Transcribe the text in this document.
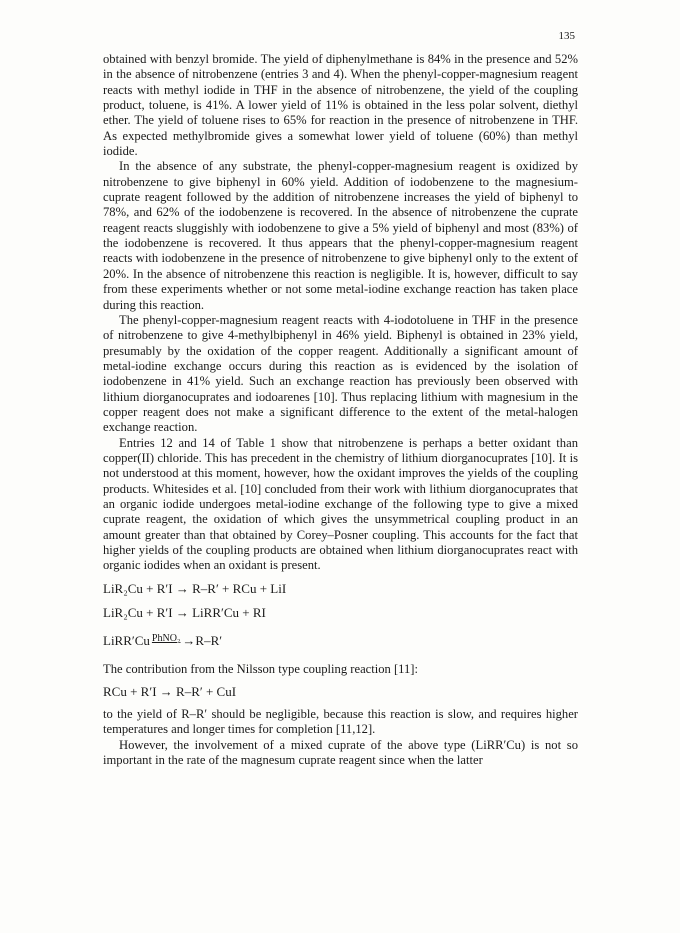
135

obtained with benzyl bromide. The yield of diphenylmethane is 84% in the presence and 52% in the absence of nitrobenzene (entries 3 and 4). When the phenyl-copper-magnesium reagent reacts with methyl iodide in THF in the absence of nitrobenzene, the yield of the coupling product, toluene, is 41%. A lower yield of 11% is obtained in the less polar solvent, diethyl ether. The yield of toluene rises to 65% for reaction in the presence of nitrobenzene in THF. As expected methylbromide gives a somewhat lower yield of toluene (60%) than methyl iodide.

In the absence of any substrate, the phenyl-copper-magnesium reagent is oxidized by nitrobenzene to give biphenyl in 60% yield. Addition of iodobenzene to the magnesium-cuprate reagent followed by the addition of nitrobenzene increases the yield of biphenyl to 78%, and 62% of the iodobenzene is recovered. In the absence of nitrobenzene the cuprate reagent reacts sluggishly with iodobenzene to give a 5% yield of biphenyl and most (83%) of the iodobenzene is recovered. It thus appears that the phenyl-copper-magnesium reagent reacts with iodobenzene in the presence of nitrobenzene to give biphenyl only to the extent of 20%. In the absence of nitrobenzene this reaction is negligible. It is, however, difficult to say from these experiments whether or not some metal-iodine exchange reaction has taken place during this reaction.

The phenyl-copper-magnesium reagent reacts with 4-iodotoluene in THF in the presence of nitrobenzene to give 4-methylbiphenyl in 46% yield. Biphenyl is obtained in 23% yield, presumably by the oxidation of the copper reagent. Additionally a significant amount of metal-iodine exchange occurs during this reaction as is evidenced by the isolation of iodobenzene in 41% yield. Such an exchange reaction has previously been observed with lithium diorganocuprates and iodoarenes [10]. Thus replacing lithium with magnesium in the copper reagent does not make a significant difference to the extent of the metal-halogen exchange reaction.

Entries 12 and 14 of Table 1 show that nitrobenzene is perhaps a better oxidant than copper(II) chloride. This has precedent in the chemistry of lithium diorganocuprates [10]. It is not understood at this moment, however, how the oxidant improves the yields of the coupling products. Whitesides et al. [10] concluded from their work with lithium diorganocuprates that an organic iodide undergoes metal-iodine exchange of the following type to give a mixed cuprate reagent, the oxidation of which gives the unsymmetrical coupling product in an amount greater than that obtained by Corey–Posner coupling. This accounts for the fact that higher yields of the coupling products are obtained when lithium diorganocuprates react with organic iodides when an oxidant is present.

LiR₂Cu + R′I → R–R′ + RCu + LiI
LiR₂Cu + R′I → LiRR′Cu + RI
LiRR′Cu PhNO₂ →R–R′

The contribution from the Nilsson type coupling reaction [11]:

RCu + R′I → R–R′ + CuI

to the yield of R–R′ should be negligible, because this reaction is slow, and requires higher temperatures and longer times for completion [11,12].

However, the involvement of a mixed cuprate of the above type (LiRR′Cu) is not so important in the rate of the magnesum cuprate reagent since when the latter
